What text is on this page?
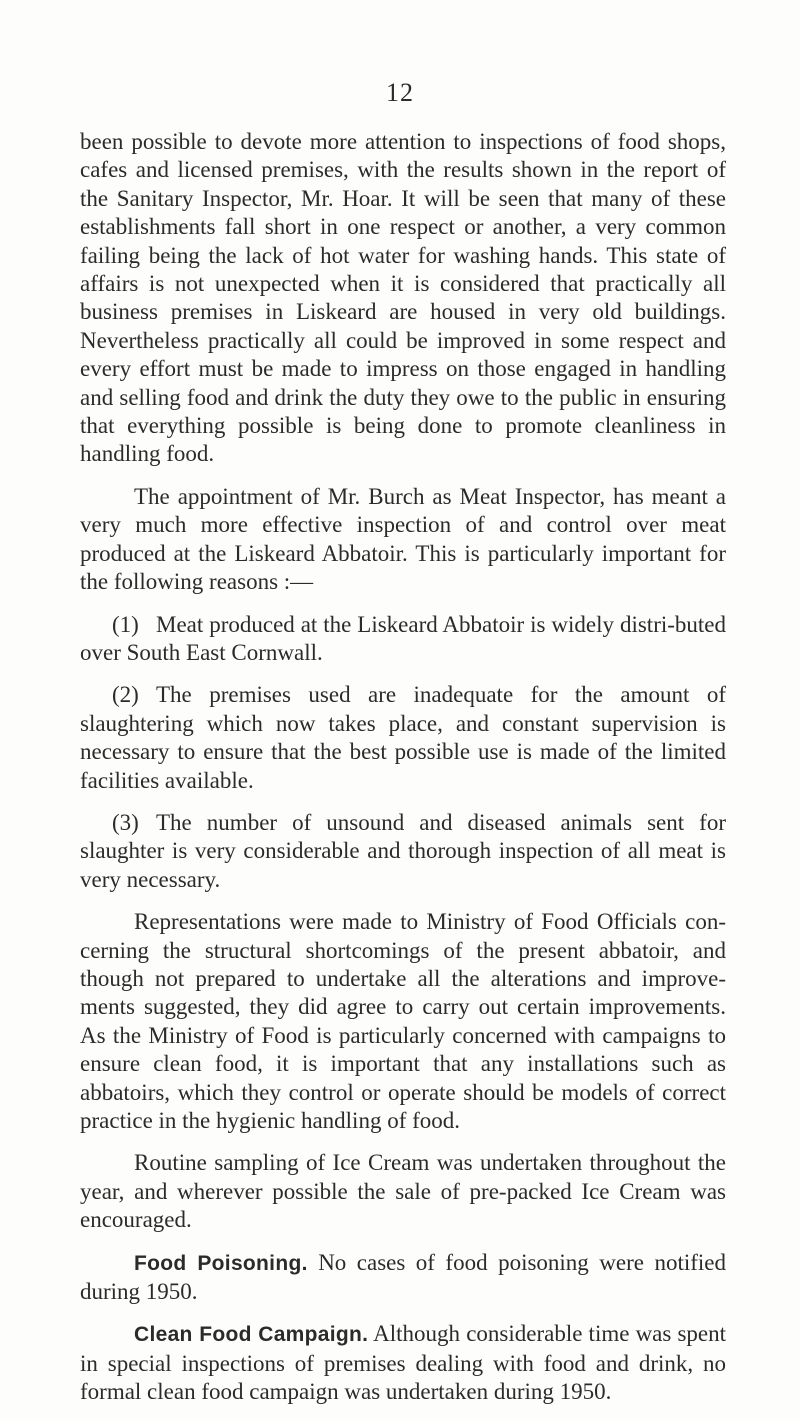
12

been possible to devote more attention to inspections of food shops, cafes and licensed premises, with the results shown in the report of the Sanitary Inspector, Mr. Hoar. It will be seen that many of these establishments fall short in one respect or another, a very common failing being the lack of hot water for washing hands. This state of affairs is not unexpected when it is considered that practically all business premises in Liskeard are housed in very old buildings. Nevertheless practically all could be improved in some respect and every effort must be made to impress on those engaged in handling and selling food and drink the duty they owe to the public in ensuring that everything possible is being done to promote cleanliness in handling food.

The appointment of Mr. Burch as Meat Inspector, has meant a very much more effective inspection of and control over meat produced at the Liskeard Abbatoir. This is particularly important for the following reasons :—

(1) Meat produced at the Liskeard Abbatoir is widely distri-buted over South East Cornwall.

(2) The premises used are inadequate for the amount of slaughtering which now takes place, and constant supervision is necessary to ensure that the best possible use is made of the limited facilities available.

(3) The number of unsound and diseased animals sent for slaughter is very considerable and thorough inspection of all meat is very necessary.

Representations were made to Ministry of Food Officials con-cerning the structural shortcomings of the present abbatoir, and though not prepared to undertake all the alterations and improve-ments suggested, they did agree to carry out certain improvements. As the Ministry of Food is particularly concerned with campaigns to ensure clean food, it is important that any installations such as abbatoirs, which they control or operate should be models of correct practice in the hygienic handling of food.

Routine sampling of Ice Cream was undertaken throughout the year, and wherever possible the sale of pre-packed Ice Cream was encouraged.

Food Poisoning. No cases of food poisoning were notified during 1950.

Clean Food Campaign. Although considerable time was spent in special inspections of premises dealing with food and drink, no formal clean food campaign was undertaken during 1950.
